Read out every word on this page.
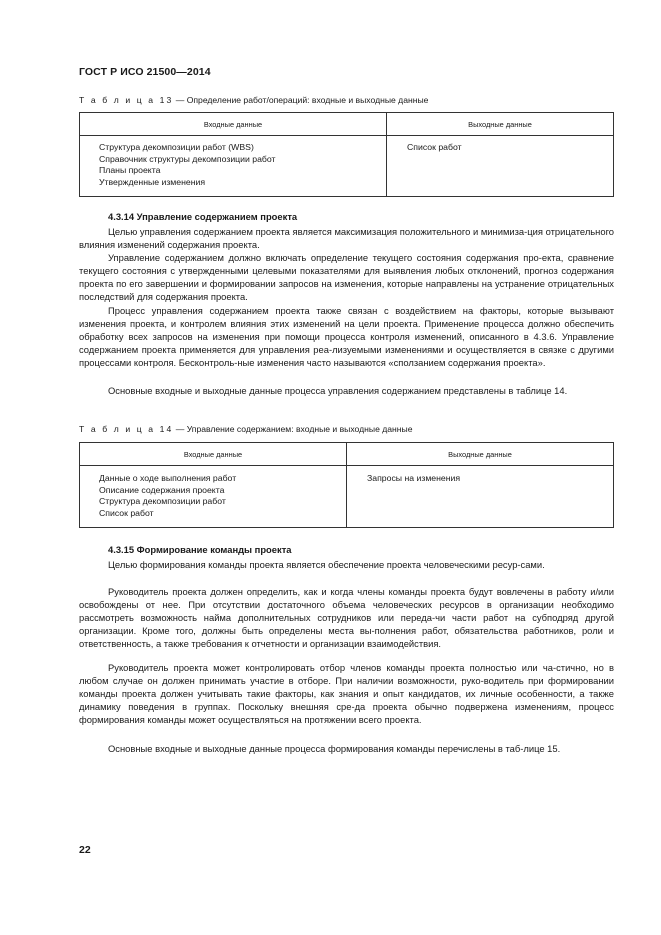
ГОСТ Р ИСО 21500—2014
Т а б л и ц а 13 — Определение работ/операций: входные и выходные данные
Входные данные	Выходные данные

Структура декомпозиции работ (WBS)
Справочник структуры декомпозиции работ
Планы проекта
Утвержденные изменения	Список работ
4.3.14 Управление содержанием проекта
Целью управления содержанием проекта является максимизация положительного и минимиза-ция отрицательного влияния изменений содержания проекта.
Управление содержанием должно включать определение текущего состояния содержания про-екта, сравнение текущего состояния с утвержденными целевыми показателями для выявления любых отклонений, прогноз содержания проекта по его завершении и формировании запросов на изменения, которые направлены на устранение отрицательных последствий для содержания проекта.
Процесс управления содержанием проекта также связан с воздействием на факторы, которые вызывают изменения проекта, и контролем влияния этих изменений на цели проекта. Применение процесса должно обеспечить обработку всех запросов на изменения при помощи процесса контроля изменений, описанного в 4.3.6. Управление содержанием проекта применяется для управления реа-лизуемыми изменениями и осуществляется в связке с другими процессами контроля. Бесконтроль-ные изменения часто называются «сползанием содержания проекта».
Основные входные и выходные данные процесса управления содержанием представлены в таблице 14.
Т а б л и ц а 14 — Управление содержанием: входные и выходные данные
Входные данные	Выходные данные

Данные о ходе выполнения работ
Описание содержания проекта
Структура декомпозиции работ
Список работ	Запросы на изменения
4.3.15 Формирование команды проекта
Целью формирования команды проекта является обеспечение проекта человеческими ресур-сами.
Руководитель проекта должен определить, как и когда члены команды проекта будут вовлечены в работу и/или освобождены от нее. При отсутствии достаточного объема человеческих ресурсов в организации необходимо рассмотреть возможность найма дополнительных сотрудников или переда-чи части работ на субподряд другой организации. Кроме того, должны быть определены места вы-полнения работ, обязательства работников, роли и ответственность, а также требования к отчетности и организации взаимодействия.
Руководитель проекта может контролировать отбор членов команды проекта полностью или ча-стично, но в любом случае он должен принимать участие в отборе. При наличии возможности, руко-водитель при формировании команды проекта должен учитывать такие факторы, как знания и опыт кандидатов, их личные особенности, а также динамику поведения в группах. Поскольку внешняя сре-да проекта обычно подвержена изменениям, процесс формирования команды может осуществляться на протяжении всего проекта.
Основные входные и выходные данные процесса формирования команды перечислены в таб-лице 15.
22
